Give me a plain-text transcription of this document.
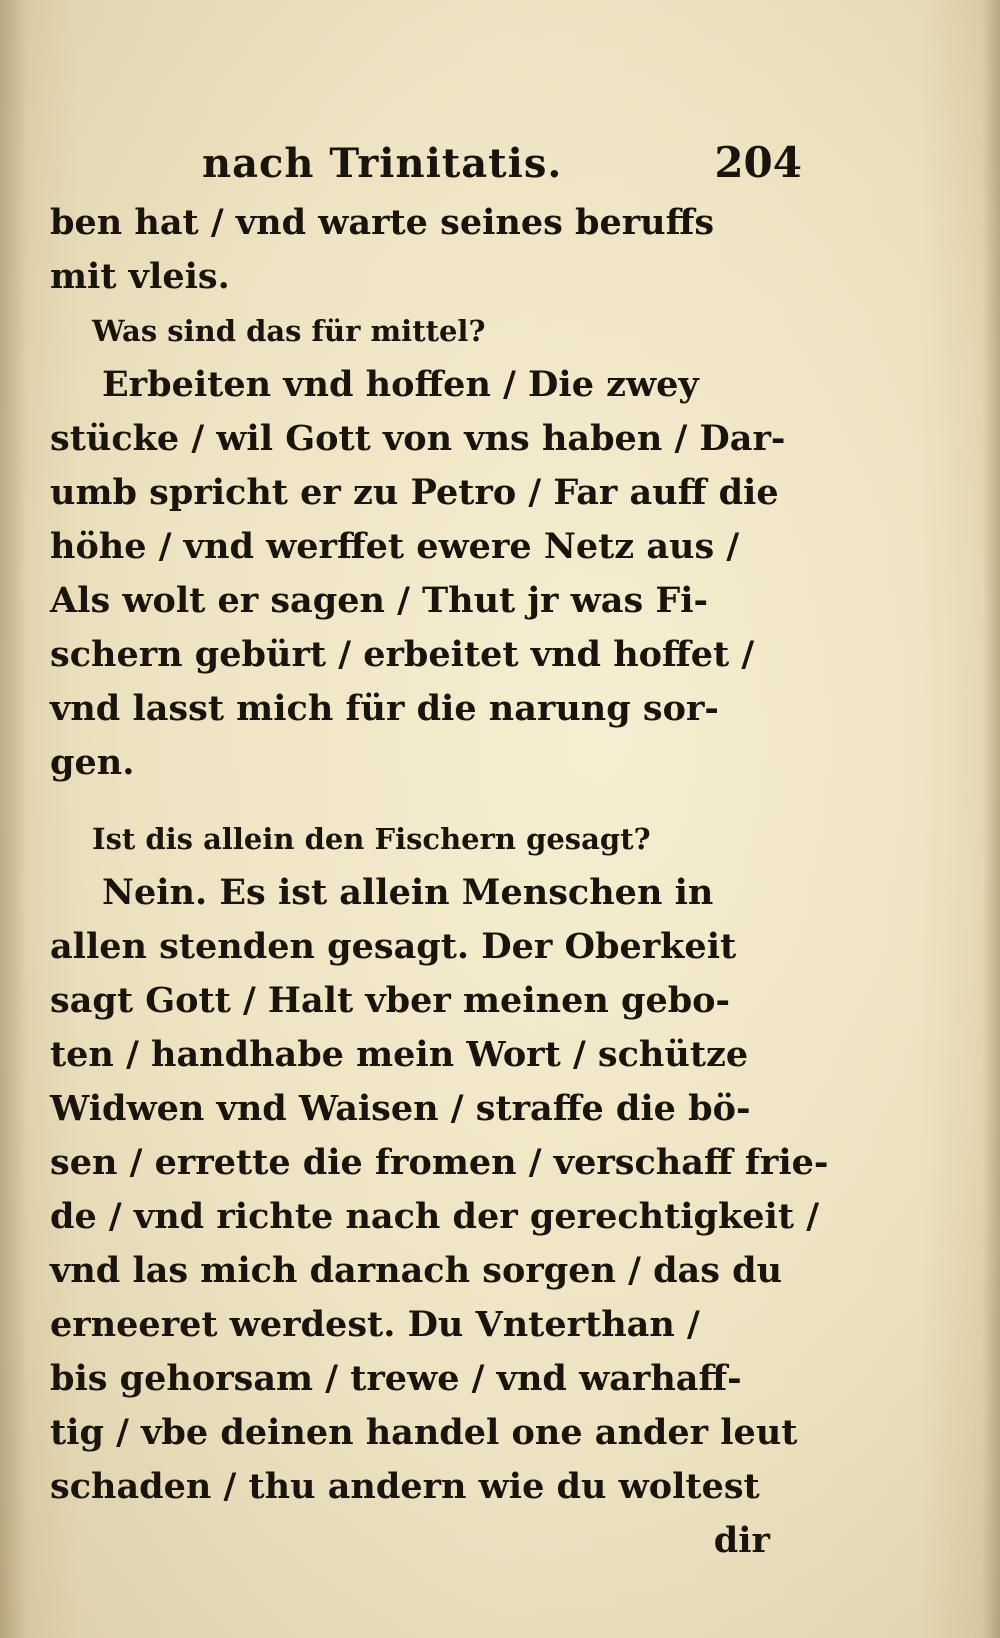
nach Trinitatis.	204
ben hat / vnd warte seines beruffs
mit vleis.
Was sind das für mittel?
Erbeiten vnd hoffen / Die zwey
stücke / wil Gott von vns haben / Dar-
umb spricht er zu Petro / Far auff die
höhe / vnd werffet ewere Netz aus /
Als wolt er sagen / Thut jr was Fi-
schern gebürt / erbeitet vnd hoffet /
vnd lasst mich für die narung sor-
gen.
Ist dis allein den Fischern gesagt?
Nein. Es ist allein Menschen in
allen stenden gesagt. Der Oberkeit
sagt Gott / Halt vber meinen gebo-
ten / handhabe mein Wort / schütze
Widwen vnd Waisen / straffe die bö-
sen / errette die fromen / verschaff frie-
de / vnd richte nach der gerechtigkeit /
vnd las mich darnach sorgen / das du
erneeret werdest. Du Vnterthan /
bis gehorsam / trewe / vnd warhaff-
tig / vbe deinen handel one ander leut
schaden / thu andern wie du woltest
dir
